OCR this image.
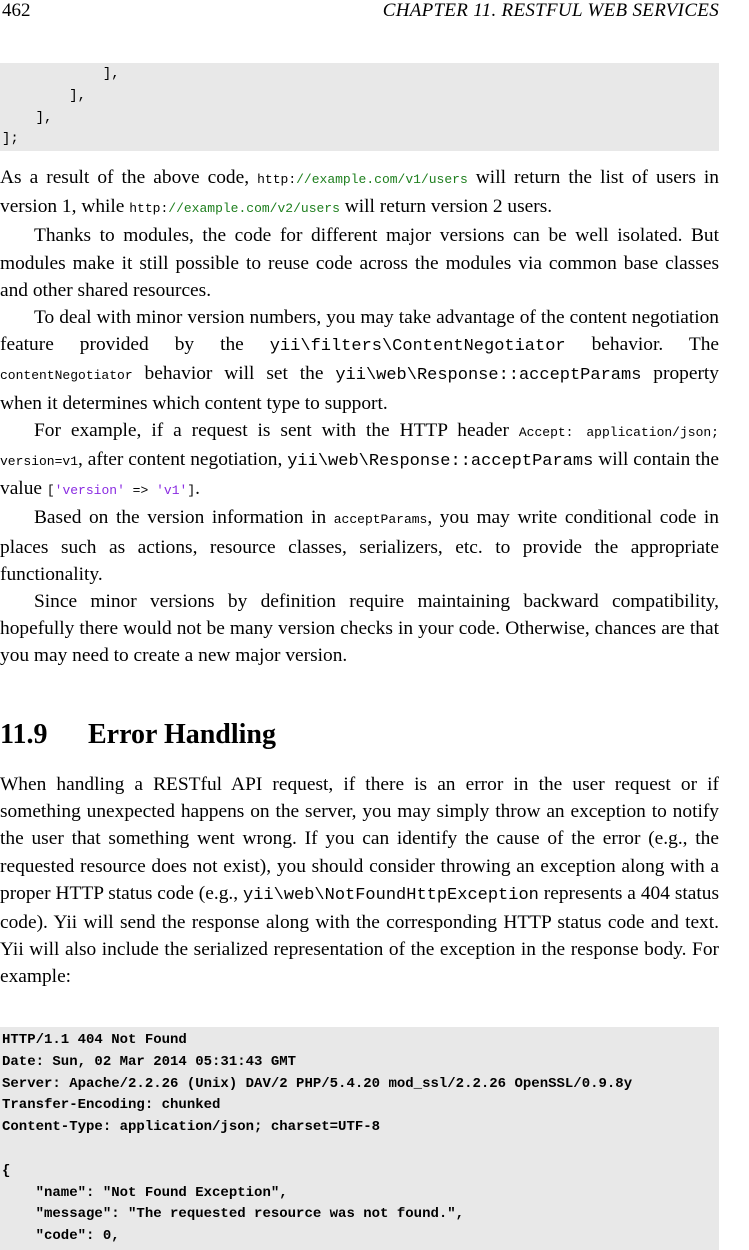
462	CHAPTER 11. RESTFUL WEB SERVICES
],
],
],
];

As a result of the above code, http://example.com/v1/users will return the list of users in version 1, while http://example.com/v2/users will return version 2 users.

Thanks to modules, the code for different major versions can be well isolated. But modules make it still possible to reuse code across the modules via common base classes and other shared resources.

To deal with minor version numbers, you may take advantage of the content negotiation feature provided by the yii\filters\ContentNegotiator behavior. The contentNegotiator behavior will set the yii\web\Response::acceptParams property when it determines which content type to support.

For example, if a request is sent with the HTTP header Accept: application/json; version=v1, after content negotiation, yii\web\Response::acceptParams will contain the value ['version' => 'v1'].

Based on the version information in acceptParams, you may write conditional code in places such as actions, resource classes, serializers, etc. to provide the appropriate functionality.

Since minor versions by definition require maintaining backward compatibility, hopefully there would not be many version checks in your code. Otherwise, chances are that you may need to create a new major version.

11.9 Error Handling

When handling a RESTful API request, if there is an error in the user request or if something unexpected happens on the server, you may simply throw an exception to notify the user that something went wrong. If you can identify the cause of the error (e.g., the requested resource does not exist), you should consider throwing an exception along with a proper HTTP status code (e.g., yii\web\NotFoundHttpException represents a 404 status code). Yii will send the response along with the corresponding HTTP status code and text. Yii will also include the serialized representation of the exception in the response body. For example:

HTTP/1.1 404 Not Found
Date: Sun, 02 Mar 2014 05:31:43 GMT
Server: Apache/2.2.26 (Unix) DAV/2 PHP/5.4.20 mod_ssl/2.2.26 OpenSSL/0.9.8y
Transfer-Encoding: chunked
Content-Type: application/json; charset=UTF-8

{
"name": "Not Found Exception",
"message": "The requested resource was not found.",
"code": 0,
